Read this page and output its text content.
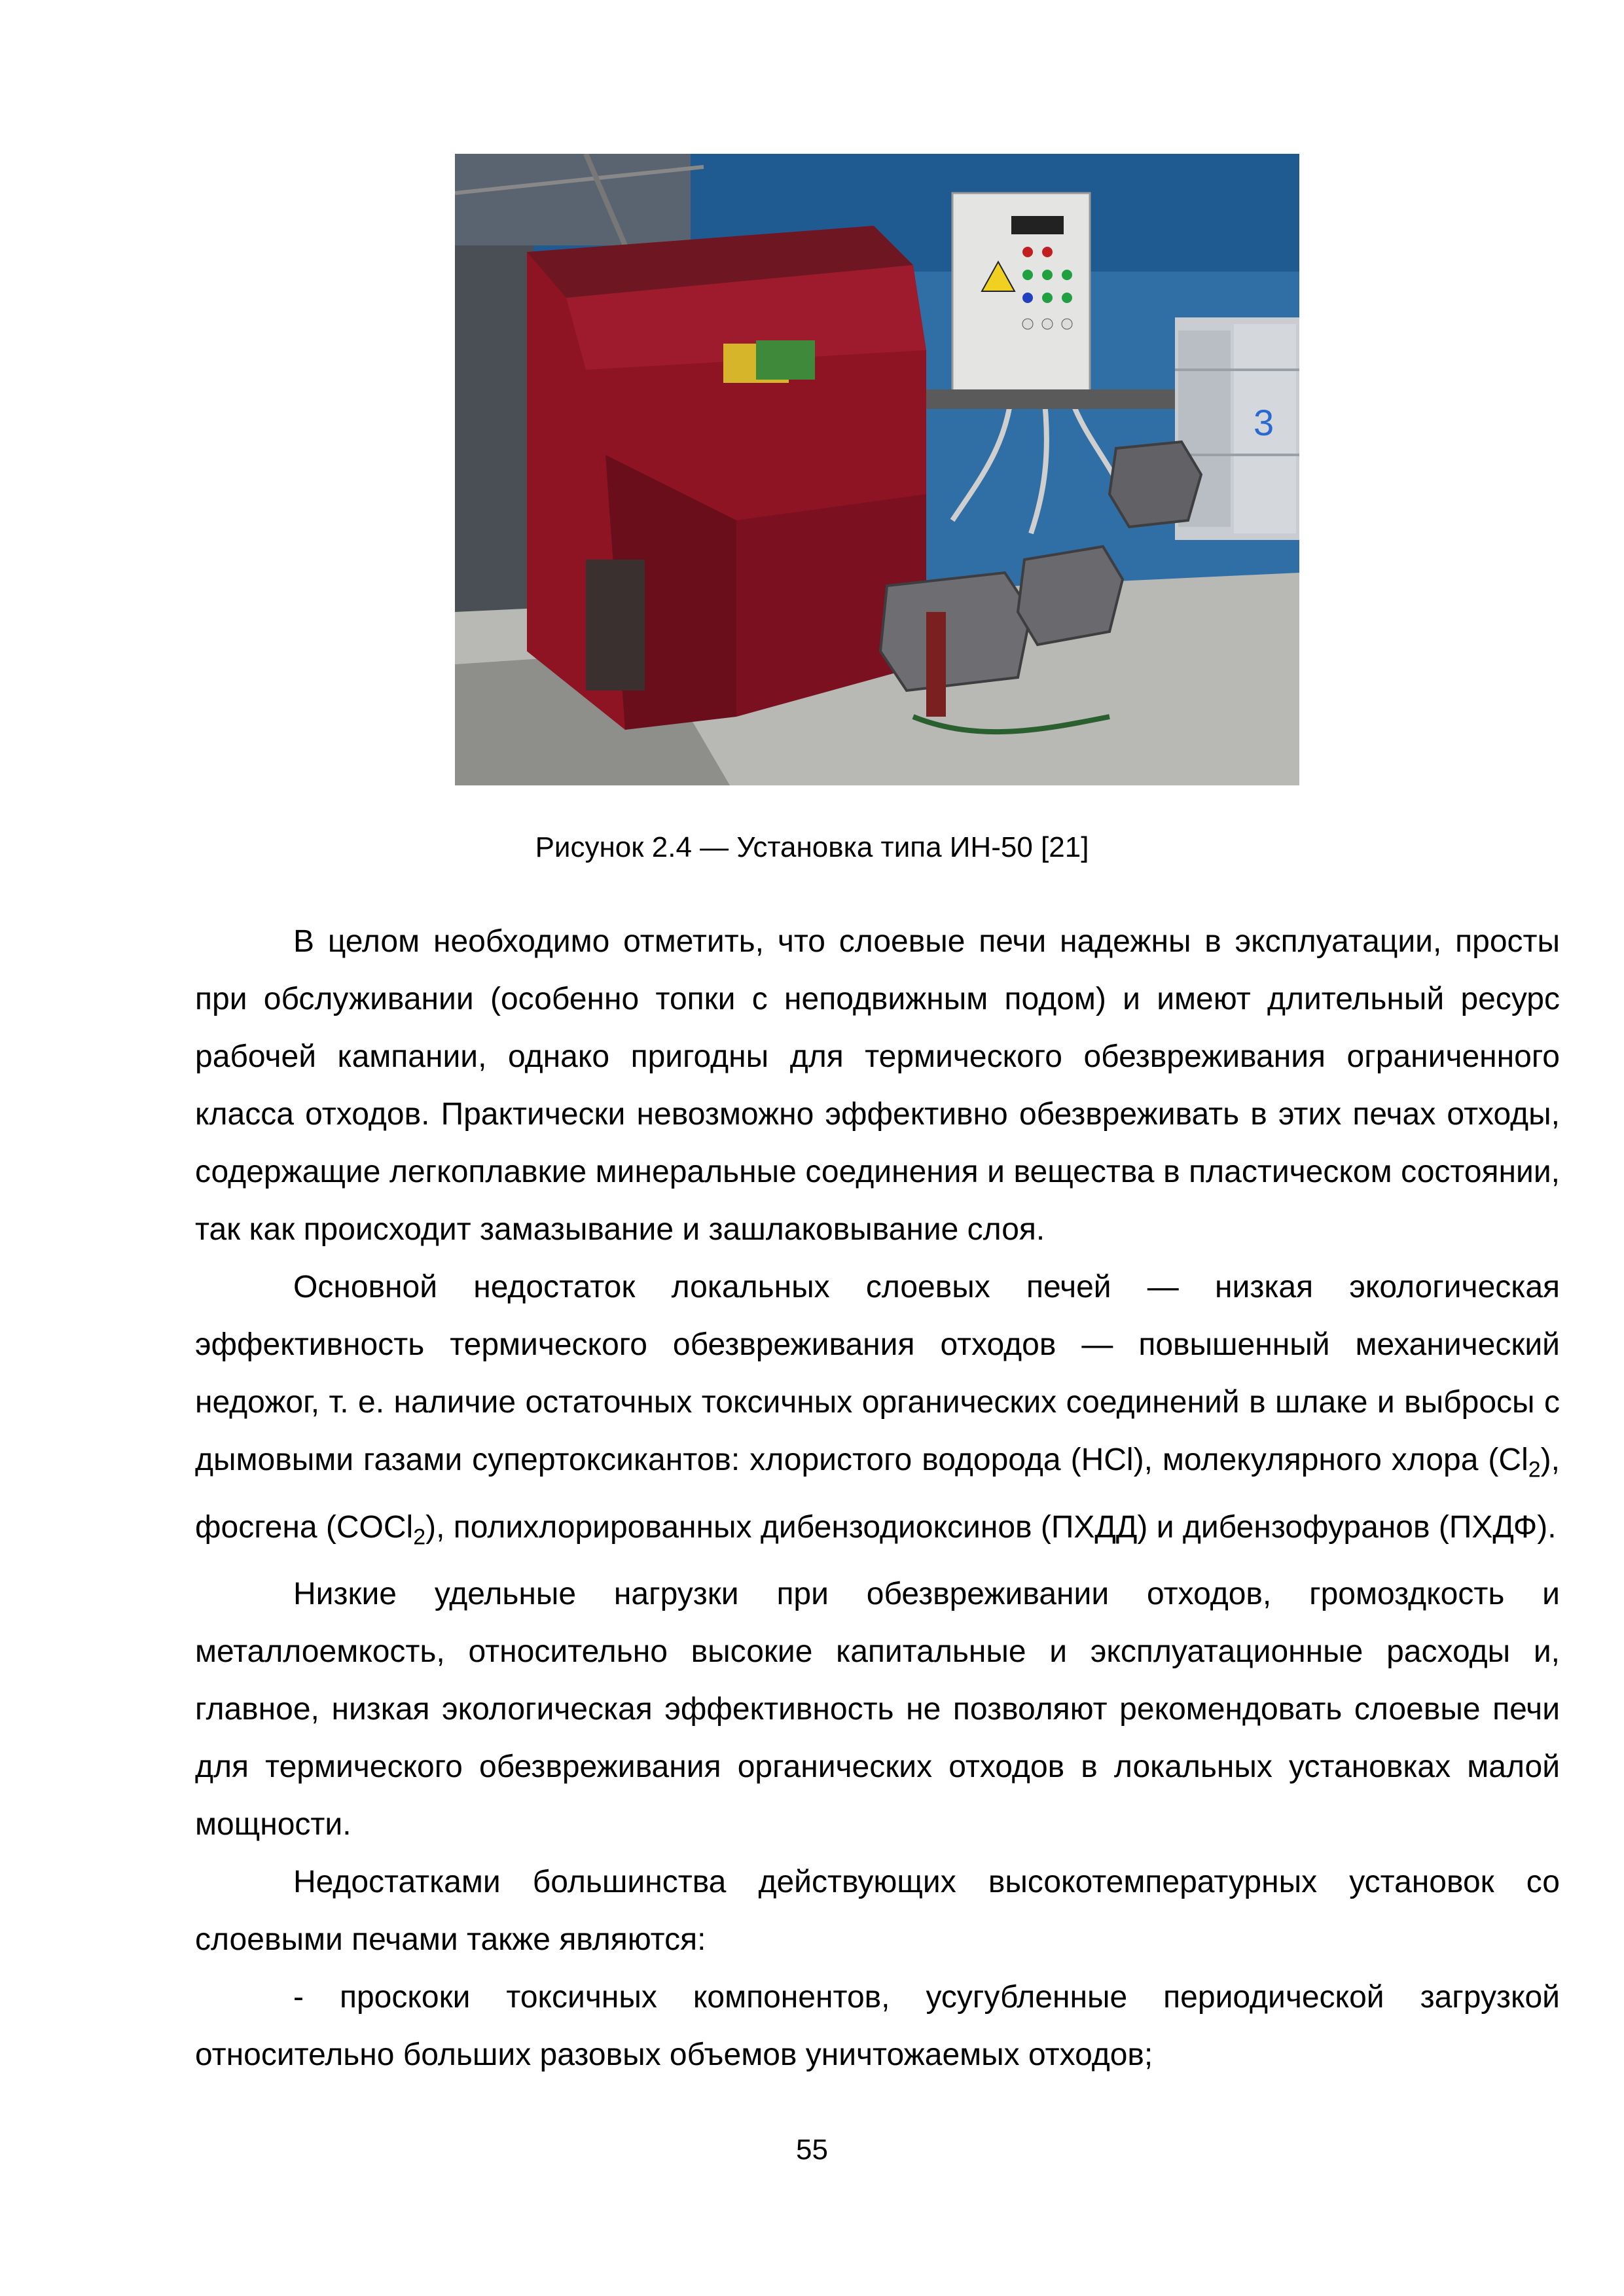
3
Рисунок 2.4 — Установка типа ИН-50 [21]

В целом необходимо отметить, что слоевые печи надежны в эксплуатации, просты при обслуживании (особенно топки с неподвижным подом) и имеют длительный ресурс рабочей кампании, однако пригодны для термического обезвреживания ограниченного класса отходов. Практически невозможно эффективно обезвреживать в этих печах отходы, содержащие легкоплавкие минеральные соединения и вещества в пластическом состоянии, так как происходит замазывание и зашлаковывание слоя.

Основной недостаток локальных слоевых печей — низкая экологическая эффективность термического обезвреживания отходов — повышенный механический недожог, т. е. наличие остаточных токсичных органических соединений в шлаке и выбросы с дымовыми газами супертоксикантов: хлористого водорода (HCl), молекулярного хлора $(Cl_2)$, фосгена (COCl$_2$), полихлорированных дибензодиоксинов (ПХДД) и дибензофуранов (ПХДФ).

Низкие удельные нагрузки при обезвреживании отходов, громоздкость и металлоемкость, относительно высокие капитальные и эксплуатационные расходы и, главное, низкая экологическая эффективность не позволяют рекомендовать слоевые печи для термического обезвреживания органических отходов в локальных установках малой мощности.

Недостатками большинства действующих высокотемпературных установок со слоевыми печами также являются:

- проскоки токсичных компонентов, усугубленные периодической загрузкой относительно больших разовых объемов уничтожаемых отходов;

55
